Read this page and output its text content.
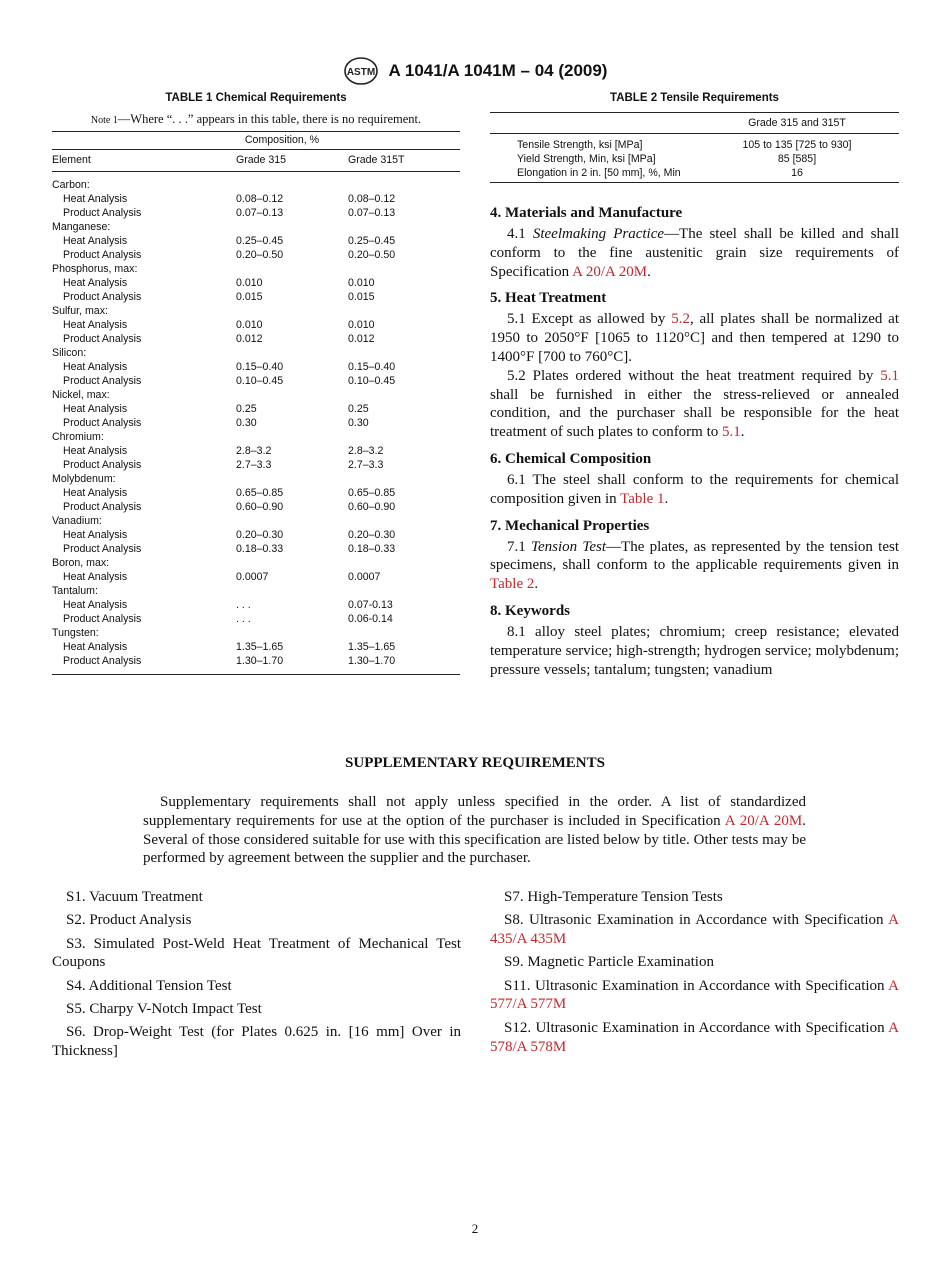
ASTM A 1041/A 1041M – 04 (2009)
TABLE 1 Chemical Requirements
Note 1—Where “. . .” appears in this table, there is no requirement.
	Composition, %	
Element	Grade 315	Grade 315T

Carbon:		
Heat Analysis	0.08–0.12	0.08–0.12
Product Analysis	0.07–0.13	0.07–0.13
Manganese:		
Heat Analysis	0.25–0.45	0.25–0.45
Product Analysis	0.20–0.50	0.20–0.50
Phosphorus, max:		
Heat Analysis	0.010	0.010
Product Analysis	0.015	0.015
Sulfur, max:		
Heat Analysis	0.010	0.010
Product Analysis	0.012	0.012
Silicon:		
Heat Analysis	0.15–0.40	0.15–0.40
Product Analysis	0.10–0.45	0.10–0.45
Nickel, max:		
Heat Analysis	0.25	0.25
Product Analysis	0.30	0.30
Chromium:		
Heat Analysis	2.8–3.2	2.8–3.2
Product Analysis	2.7–3.3	2.7–3.3
Molybdenum:		
Heat Analysis	0.65–0.85	0.65–0.85
Product Analysis	0.60–0.90	0.60–0.90
Vanadium:		
Heat Analysis	0.20–0.30	0.20–0.30
Product Analysis	0.18–0.33	0.18–0.33
Boron, max:		
Heat Analysis	0.0007	0.0007
Tantalum:		
Heat Analysis	. . .	0.07-0.13
Product Analysis	. . .	0.06-0.14
Tungsten:		
Heat Analysis	1.35–1.65	1.35–1.65
Product Analysis	1.30–1.70	1.30–1.70

TABLE 2 Tensile Requirements
	Grade 315 and 315T
Tensile Strength, ksi [MPa]	105 to 135 [725 to 930]
Yield Strength, Min, ksi [MPa]	85 [585]
Elongation in 2 in. [50 mm], %, Min	16

4. Materials and Manufacture

4.1 Steelmaking Practice—The steel shall be killed and shall conform to the fine austenitic grain size requirements of Specification A 20/A 20M.

5. Heat Treatment

5.1 Except as allowed by 5.2, all plates shall be normalized at 1950 to 2050°F [1065 to 1120°C] and then tempered at 1290 to 1400°F [700 to 760°C].

5.2 Plates ordered without the heat treatment required by 5.1 shall be furnished in either the stress-relieved or annealed condition, and the purchaser shall be responsible for the heat treatment of such plates to conform to 5.1.

6. Chemical Composition

6.1 The steel shall conform to the requirements for chemical composition given in Table 1.

7. Mechanical Properties

7.1 Tension Test—The plates, as represented by the tension test specimens, shall conform to the applicable requirements given in Table 2.

8. Keywords

8.1 alloy steel plates; chromium; creep resistance; elevated temperature service; high-strength; hydrogen service; molybdenum; pressure vessels; tantalum; tungsten; vanadium

SUPPLEMENTARY REQUIREMENTS

Supplementary requirements shall not apply unless specified in the order. A list of standardized supplementary requirements for use at the option of the purchaser is included in Specification A 20/A 20M. Several of those considered suitable for use with this specification are listed below by title. Other tests may be performed by agreement between the supplier and the purchaser.

S1. Vacuum Treatment

S2. Product Analysis

S3. Simulated Post-Weld Heat Treatment of Mechanical Test Coupons

S4. Additional Tension Test

S5. Charpy V-Notch Impact Test

S6. Drop-Weight Test (for Plates 0.625 in. [16 mm] Over in Thickness]

S7. High-Temperature Tension Tests

S8. Ultrasonic Examination in Accordance with Specification A 435/A 435M

S9. Magnetic Particle Examination

S11. Ultrasonic Examination in Accordance with Specification A 577/A 577M

S12. Ultrasonic Examination in Accordance with Specification A 578/A 578M

2
